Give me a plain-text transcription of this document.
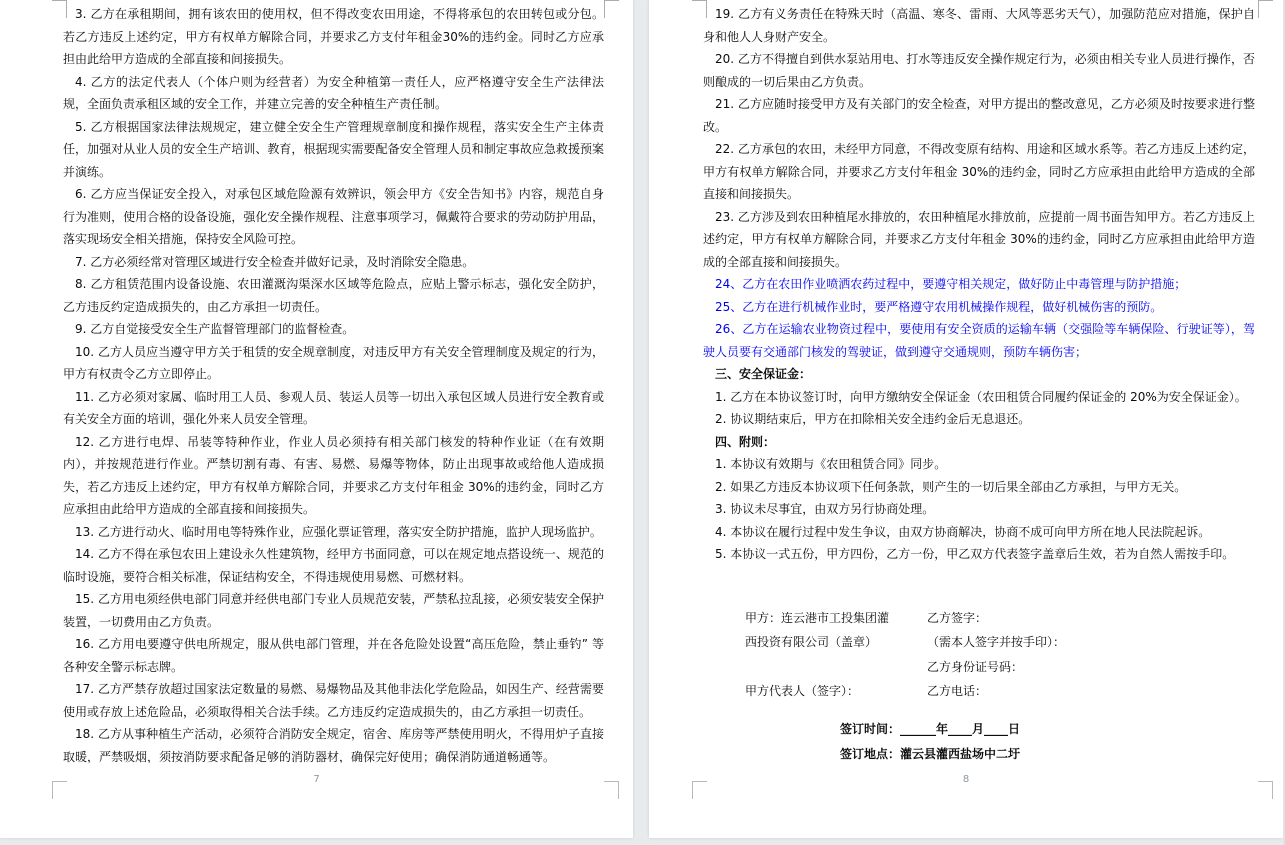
3. 乙方在承租期间，拥有该农田的使用权，但不得改变农田用途，不得将承包的农田转包或分包。若乙方违反上述约定，甲方有权单方解除合同，并要求乙方支付年租金30%的违约金。同时乙方应承担由此给甲方造成的全部直接和间接损失。

4. 乙方的法定代表人（个体户则为经营者）为安全种植第一责任人，应严格遵守安全生产法律法规，全面负责承租区域的安全工作，并建立完善的安全种植生产责任制。

5. 乙方根据国家法律法规规定，建立健全安全生产管理规章制度和操作规程，落实安全生产主体责任，加强对从业人员的安全生产培训、教育，根据现实需要配备安全管理人员和制定事故应急救援预案并演练。

6. 乙方应当保证安全投入，对承包区域危险源有效辨识，领会甲方《安全告知书》内容，规范自身行为准则，使用合格的设备设施，强化安全操作规程、注意事项学习，佩戴符合要求的劳动防护用品，落实现场安全相关措施，保持安全风险可控。

7. 乙方必须经常对管理区域进行安全检查并做好记录，及时消除安全隐患。

8. 乙方租赁范围内设备设施、农田灌溉沟渠深水区域等危险点，应贴上警示标志，强化安全防护，乙方违反约定造成损失的，由乙方承担一切责任。

9. 乙方自觉接受安全生产监督管理部门的监督检查。

10. 乙方人员应当遵守甲方关于租赁的安全规章制度，对违反甲方有关安全管理制度及规定的行为，甲方有权责令乙方立即停止。

11. 乙方必须对家属、临时用工人员、参观人员、装运人员等一切出入承包区域人员进行安全教育或有关安全方面的培训，强化外来人员安全管理。

12. 乙方进行电焊、吊装等特种作业，作业人员必须持有相关部门核发的特种作业证（在有效期内），并按规范进行作业。严禁切割有毒、有害、易燃、易爆等物体，防止出现事故或给他人造成损失，若乙方违反上述约定，甲方有权单方解除合同，并要求乙方支付年租金 30%的违约金，同时乙方应承担由此给甲方造成的全部直接和间接损失。

13. 乙方进行动火、临时用电等特殊作业，应强化票证管理，落实安全防护措施，监护人现场监护。

14. 乙方不得在承包农田上建设永久性建筑物，经甲方书面同意，可以在规定地点搭设统一、规范的临时设施，要符合相关标准，保证结构安全，不得违规使用易燃、可燃材料。

15. 乙方用电须经供电部门同意并经供电部门专业人员规范安装，严禁私拉乱接，必须安装安全保护装置，一切费用由乙方负责。

16. 乙方用电要遵守供电所规定，服从供电部门管理，并在各危险处设置“高压危险，禁止垂钓” 等各种安全警示标志牌。

17. 乙方严禁存放超过国家法定数量的易燃、易爆物品及其他非法化学危险品，如因生产、经营需要使用或存放上述危险品，必须取得相关合法手续。乙方违反约定造成损失的，由乙方承担一切责任。

18. 乙方从事种植生产活动，必须符合消防安全规定，宿舍、库房等严禁使用明火，不得用炉子直接取暖，严禁吸烟，须按消防要求配备足够的消防器材，确保完好使用；确保消防通道畅通等。

7

19. 乙方有义务责任在特殊天时（高温、寒冬、雷雨、大风等恶劣天气），加强防范应对措施，保护自身和他人人身财产安全。

20. 乙方不得擅自到供水泵站用电、打水等违反安全操作规定行为，必须由相关专业人员进行操作，否则酿成的一切后果由乙方负责。

21. 乙方应随时接受甲方及有关部门的安全检查，对甲方提出的整改意见，乙方必须及时按要求进行整改。

22. 乙方承包的农田，未经甲方同意，不得改变原有结构、用途和区域水系等。若乙方违反上述约定，甲方有权单方解除合同，并要求乙方支付年租金 30%的违约金，同时乙方应承担由此给甲方造成的全部直接和间接损失。

23. 乙方涉及到农田种植尾水排放的，农田种植尾水排放前，应提前一周书面告知甲方。若乙方违反上述约定，甲方有权单方解除合同，并要求乙方支付年租金 30%的违约金，同时乙方应承担由此给甲方造成的全部直接和间接损失。

24、乙方在农田作业喷洒农药过程中，要遵守相关规定，做好防止中毒管理与防护措施；

25、乙方在进行机械作业时，要严格遵守农用机械操作规程，做好机械伤害的预防。

26、乙方在运输农业物资过程中，要使用有安全资质的运输车辆（交强险等车辆保险、行驶证等），驾驶人员要有交通部门核发的驾驶证，做到遵守交通规则，预防车辆伤害；

三、安全保证金：

1. 乙方在本协议签订时，向甲方缴纳安全保证金（农田租赁合同履约保证金的 20%为安全保证金）。

2. 协议期结束后，甲方在扣除相关安全违约金后无息退还。

四、附则：

1. 本协议有效期与《农田租赁合同》同步。

2. 如果乙方违反本协议项下任何条款，则产生的一切后果全部由乙方承担，与甲方无关。

3. 协议未尽事宜，由双方另行协商处理。

4. 本协议在履行过程中发生争议，由双方协商解决，协商不成可向甲方所在地人民法院起诉。

5. 本协议一式五份，甲方四份，乙方一份，甲乙双方代表签字盖章后生效，若为自然人需按手印。

甲方：连云港市工投集团灌	乙方签字：
西投资有限公司（盖章）	（需本人签字并按手印）：
乙方身份证号码：
甲方代表人（签字）：	乙方电话：
签订时间：______年____月____日
签订地点：灌云县灌西盐场中二圩
8
